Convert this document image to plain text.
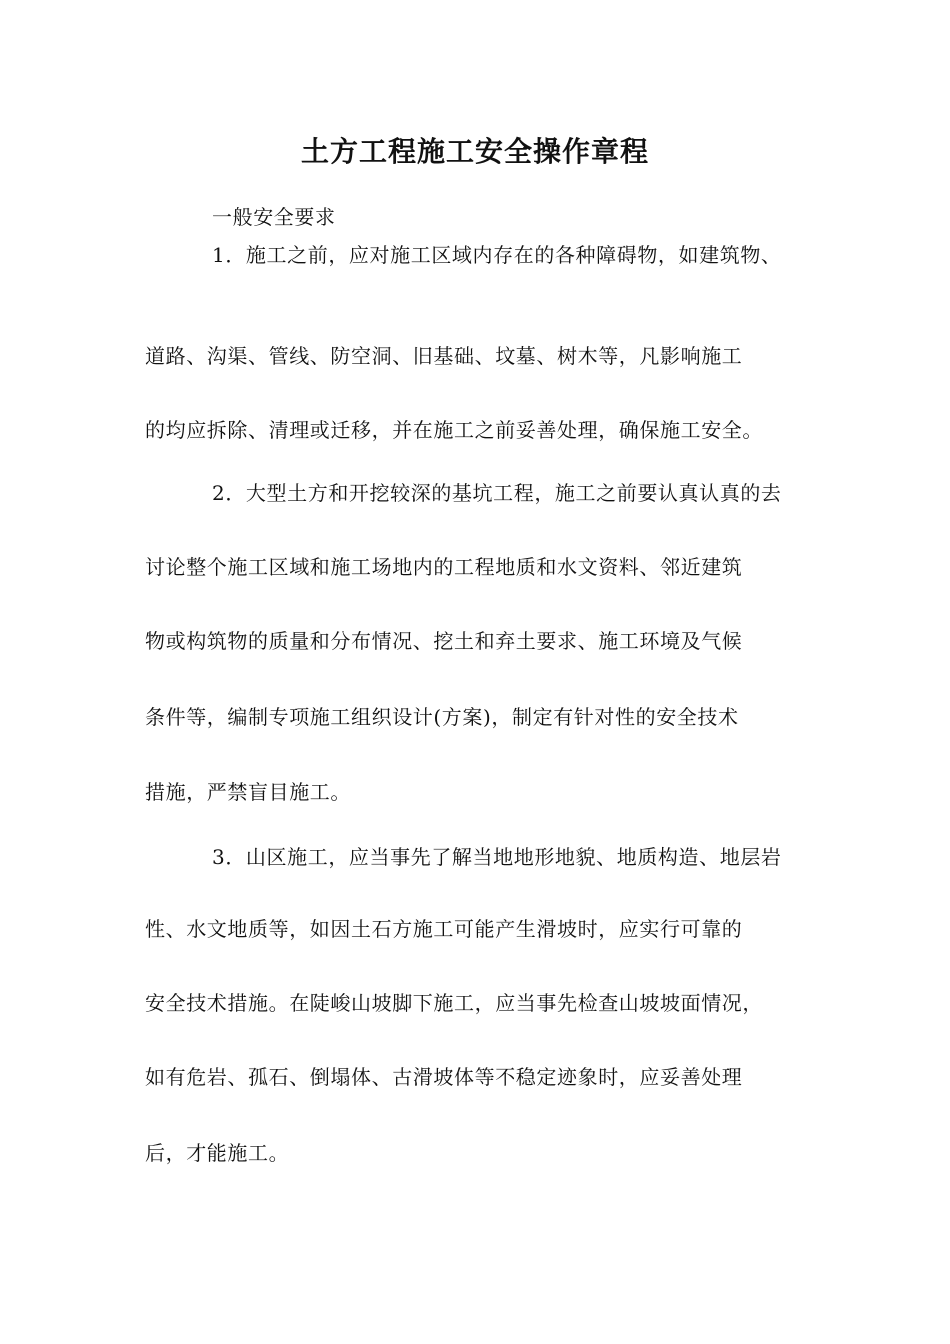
土方工程施工安全操作章程
一般安全要求
1．施工之前，应对施工区域内存在的各种障碍物，如建筑物、
道路、沟渠、管线、防空洞、旧基础、坟墓、树木等，凡影响施工
的均应拆除、清理或迁移，并在施工之前妥善处理，确保施工安全。
2．大型土方和开挖较深的基坑工程，施工之前要认真认真的去
讨论整个施工区域和施工场地内的工程地质和水文资料、邻近建筑
物或构筑物的质量和分布情况、挖土和弃土要求、施工环境及气候
条件等，编制专项施工组织设计(方案)，制定有针对性的安全技术
措施，严禁盲目施工。
3．山区施工，应当事先了解当地地形地貌、地质构造、地层岩
性、水文地质等，如因土石方施工可能产生滑坡时，应实行可靠的
安全技术措施。在陡峻山坡脚下施工，应当事先检查山坡坡面情况，
如有危岩、孤石、倒塌体、古滑坡体等不稳定迹象时，应妥善处理
后，才能施工。
